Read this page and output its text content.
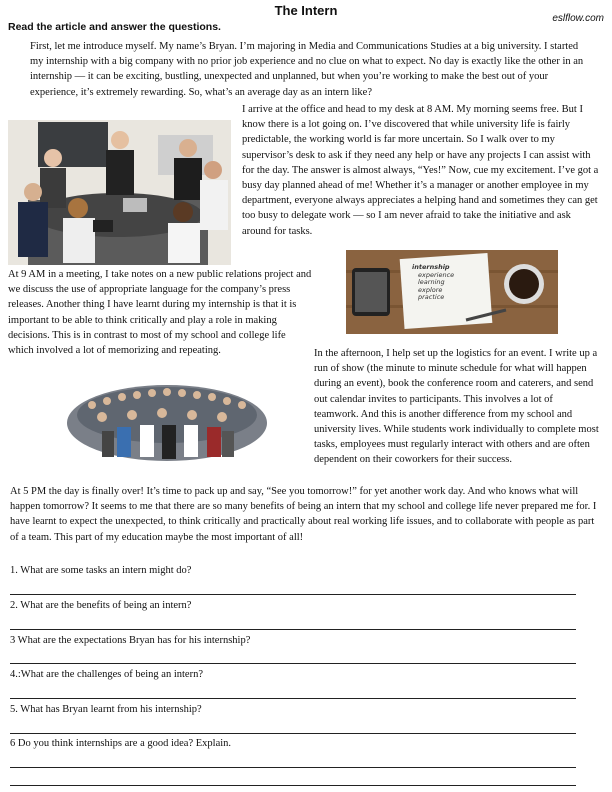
The Intern
eslflow.com
Read the article and answer the questions.

First, let me introduce myself. My name’s Bryan. I’m majoring in Media and Communications Studies at a big university. I started my internship with a big company with no prior job experience and no clue on what to expect. No day is exactly like the other in an internship — it can be exciting, bustling, unexpected and unplanned, but when you’re working to make the best out of your experience, it’s extremely rewarding. So, what’s an average day as an intern like?

I arrive at the office and head to my desk at 8 AM. My morning seems free. But I know there is a lot going on. I’ve discovered that while university life is fairly predictable, the working world is far more uncertain. So I walk over to my supervisor’s desk to ask if they need any help or have any projects I can assist with for the day. The answer is almost always, “Yes!” Now, cue my excitement. I’ve got a busy day planned ahead of me! Whether it’s a manager or another employee in my department, everyone always appreciates a helping hand and sometimes they can get too busy to delegate work — so I am never afraid to take the initiative and ask around for tasks.

At 9 AM in a meeting, I take notes on a new public relations project and we discuss the use of appropriate language for the company’s press releases. Another thing I have learnt during my internship is that it is important to be able to think critically and play a role in making decisions. This is in contrast to most of my school and college life which involved a lot of memorizing and repeating.

internship
experience
learning
explore
practice

In the afternoon, I help set up the logistics for an event. I write up a run of show (the minute to minute schedule for what will happen during an event), book the conference room and caterers, and send out calendar invites to participants. This involves a lot of teamwork. And this is another difference from my school and university lives. While students work individually to complete most tasks, employees must regularly interact with others and are often dependent on their coworkers for their success.

At 5 PM the day is finally over! It’s time to pack up and say, “See you tomorrow!” for yet another work day. And who knows what will happen tomorrow? It seems to me that there are so many benefits of being an intern that my school and college life never prepared me for. I have learnt to expect the unexpected, to think critically and practically about real working life issues, and to collaborate with people as part of a team. This part of my education maybe the most important of all!

1. What are some tasks an intern might do?
2. What are the benefits of being an intern?
3 What are the expectations Bryan has for his internship?
4.:What are the challenges of being an intern?
5. What has Bryan learnt from his internship?
6 Do you think internships are a good idea? Explain.
